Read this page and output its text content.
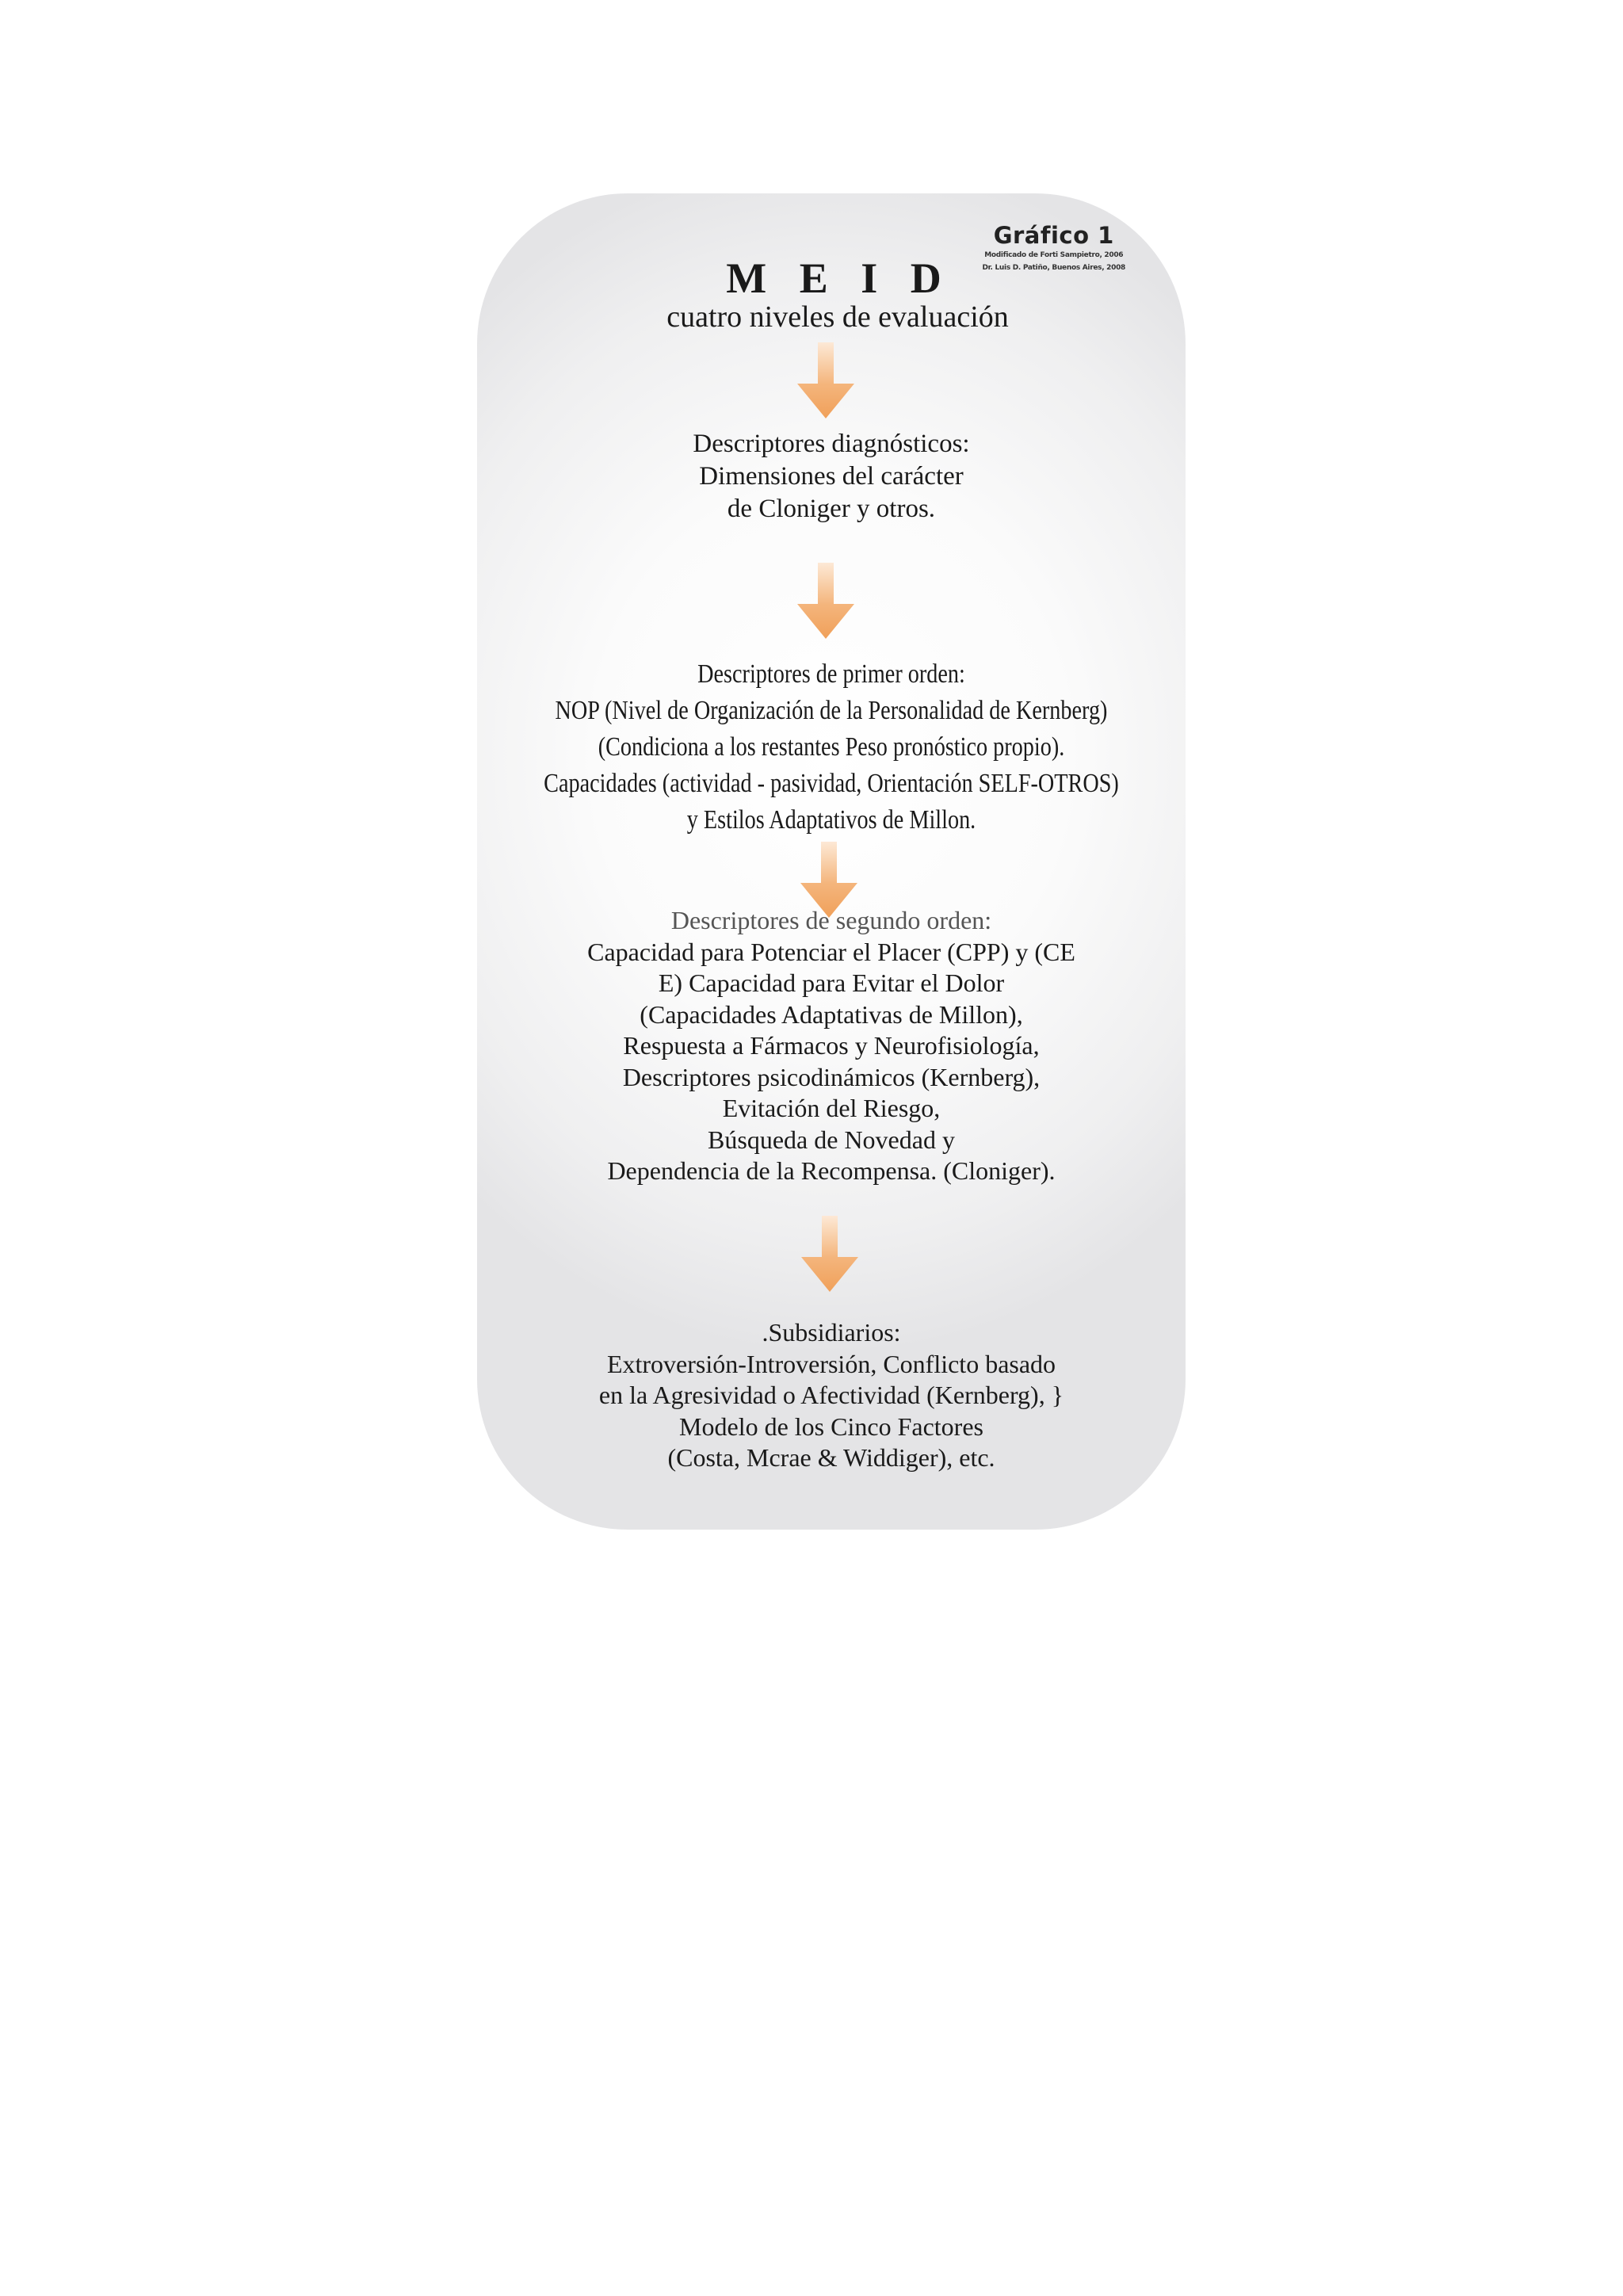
Gráfico 1
Modificado de Forti Sampietro, 2006
Dr. Luis D. Patiño, Buenos Aires, 2008
M E I D
cuatro niveles de evaluación
Descriptores diagnósticos:
Dimensiones del carácter
de Cloniger y otros.
Descriptores de primer orden:
NOP (Nivel de Organización de la Personalidad de Kernberg)
(Condiciona a los restantes Peso pronóstico propio).
Capacidades (actividad - pasividad, Orientación SELF-OTROS)
y Estilos Adaptativos de Millon.
Descriptores de segundo orden:
Capacidad para Potenciar el Placer (CPP) y (CE
E) Capacidad para Evitar el Dolor
(Capacidades Adaptativas de Millon),
Respuesta a Fármacos y Neurofisiología,
Descriptores psicodinámicos (Kernberg),
Evitación del Riesgo,
Búsqueda de Novedad y
Dependencia de la Recompensa. (Cloniger).
.Subsidiarios:
Extroversión-Introversión, Conflicto basado
en la Agresividad o Afectividad (Kernberg), }
Modelo de los Cinco Factores
(Costa, Mcrae & Widdiger), etc.
